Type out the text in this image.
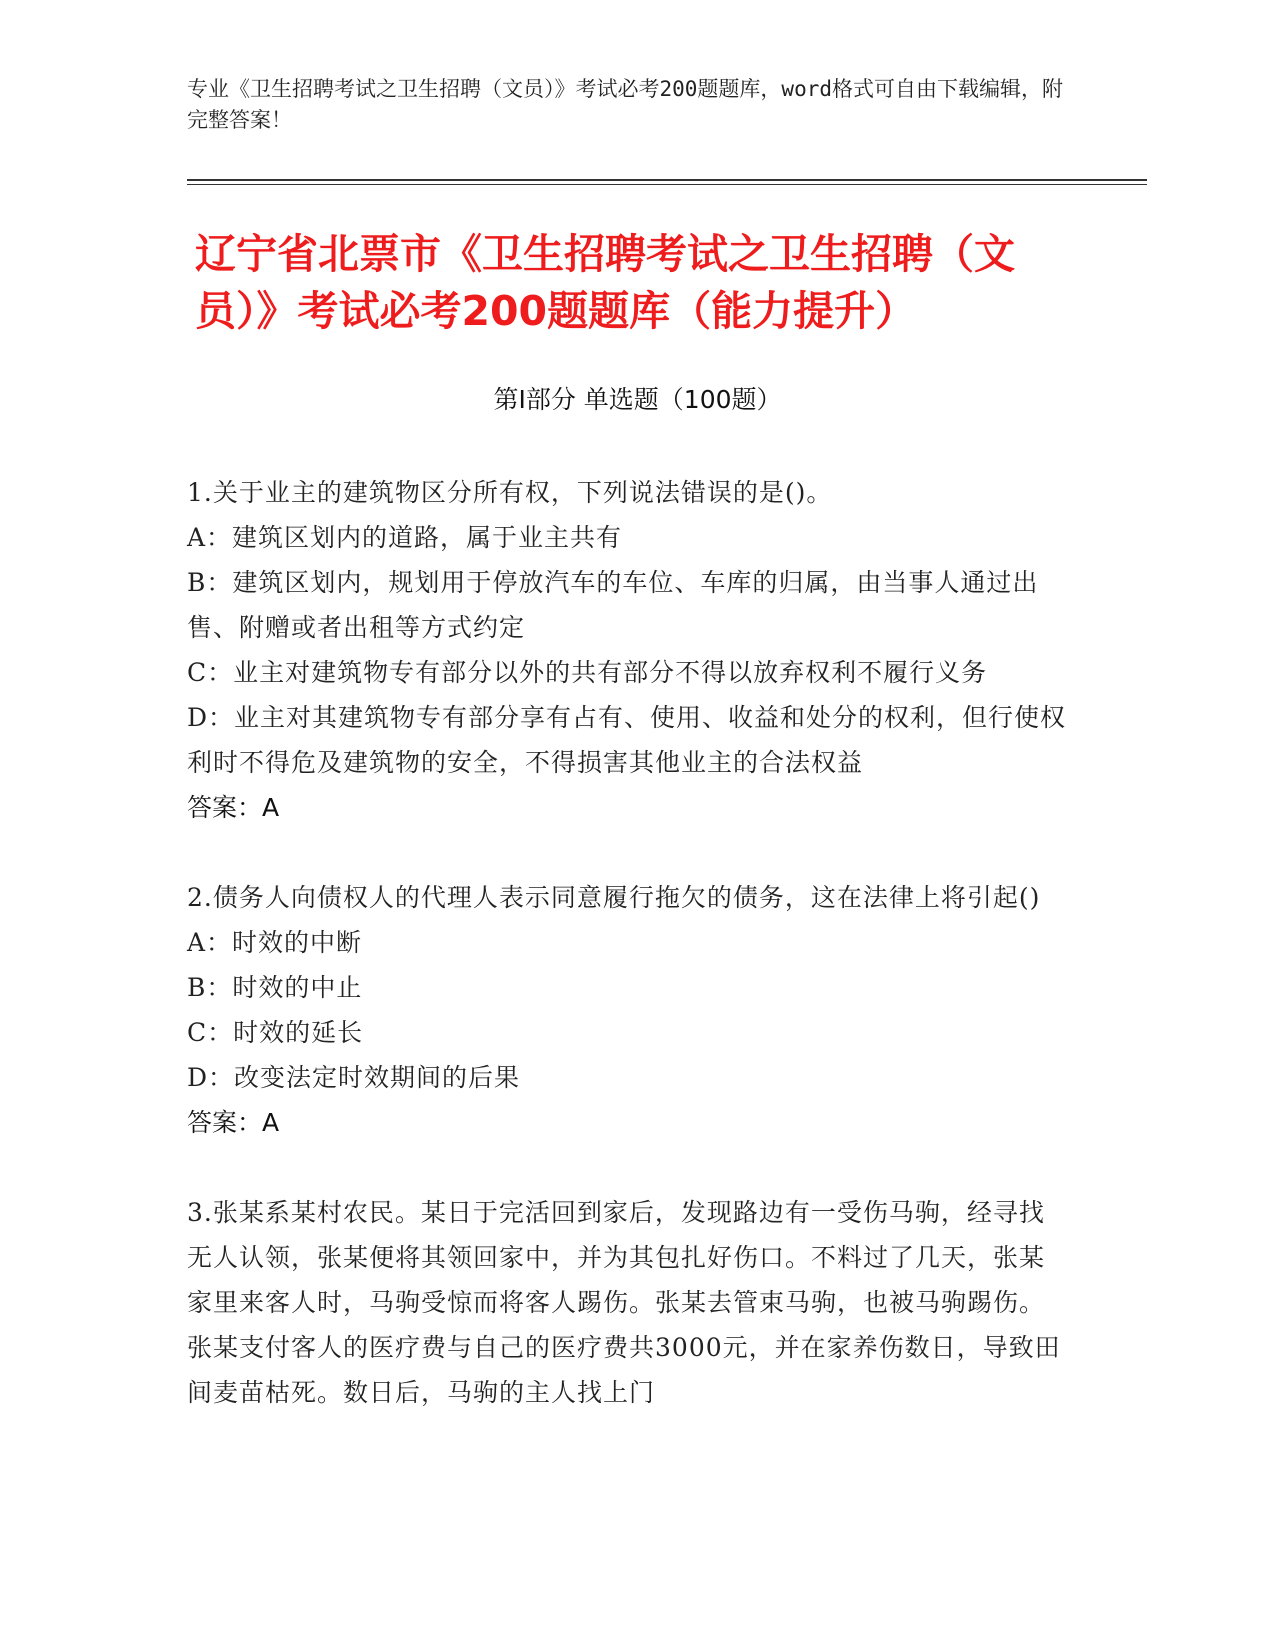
专业《卫生招聘考试之卫生招聘（文员）》考试必考200题题库，word格式可自由下载编辑，附完整答案！
辽宁省北票市《卫生招聘考试之卫生招聘（文员）》考试必考200题题库（能力提升）
第Ⅰ部分 单选题（100题）

1.关于业主的建筑物区分所有权，下列说法错误的是()。

A：建筑区划内的道路，属于业主共有

B：建筑区划内，规划用于停放汽车的车位、车库的归属，由当事人通过出售、附赠或者出租等方式约定

C：业主对建筑物专有部分以外的共有部分不得以放弃权利不履行义务

D：业主对其建筑物专有部分享有占有、使用、收益和处分的权利，但行使权利时不得危及建筑物的安全，不得损害其他业主的合法权益

答案：A

2.债务人向债权人的代理人表示同意履行拖欠的债务，这在法律上将引起()

A：时效的中断

B：时效的中止

C：时效的延长

D：改变法定时效期间的后果

答案：A

3.张某系某村农民。某日于完活回到家后，发现路边有一受伤马驹，经寻找无人认领，张某便将其领回家中，并为其包扎好伤口。不料过了几天，张某家里来客人时，马驹受惊而将客人踢伤。张某去管束马驹，也被马驹踢伤。张某支付客人的医疗费与自己的医疗费共3000元，并在家养伤数日，导致田间麦苗枯死。数日后，马驹的主人找上门
